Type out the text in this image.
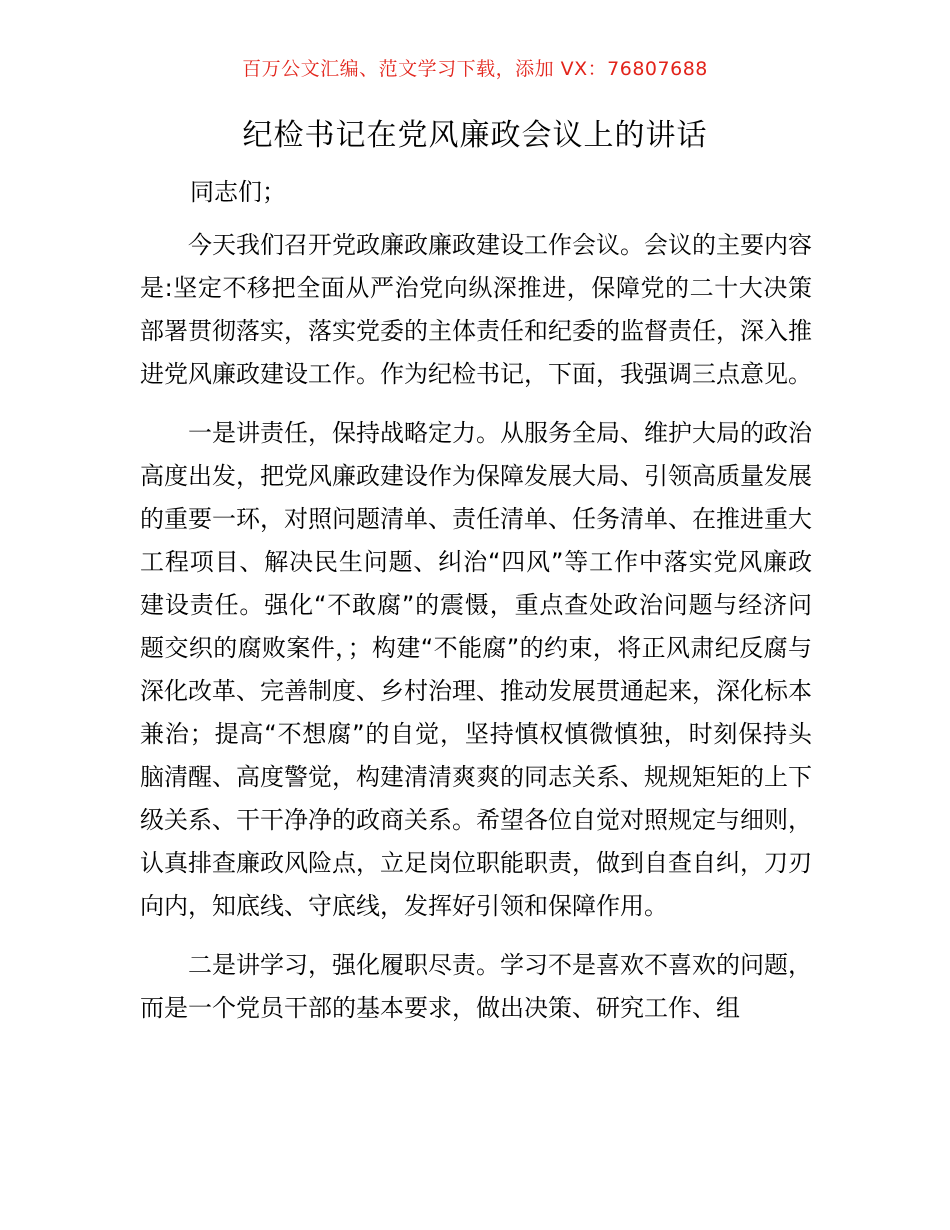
百万公文汇编、范文学习下载，添加 VX：76807688
纪检书记在党风廉政会议上的讲话
同志们；

今天我们召开党政廉政廉政建设工作会议。会议的主要内容是:坚定不移把全面从严治党向纵深推进，保障党的二十大决策部署贯彻落实，落实党委的主体责任和纪委的监督责任，深入推进党风廉政建设工作。作为纪检书记，下面，我强调三点意见。

一是讲责任，保持战略定力。从服务全局、维护大局的政治高度出发，把党风廉政建设作为保障发展大局、引领高质量发展的重要一环，对照问题清单、责任清单、任务清单、在推进重大工程项目、解决民生问题、纠治“四风”等工作中落实党风廉政建设责任。强化“不敢腐”的震慑，重点查处政治问题与经济问题交织的腐败案件，；构建“不能腐”的约束，将正风肃纪反腐与深化改革、完善制度、乡村治理、推动发展贯通起来，深化标本兼治；提高“不想腐”的自觉，坚持慎权慎微慎独，时刻保持头脑清醒、高度警觉，构建清清爽爽的同志关系、规规矩矩的上下级关系、干干净净的政商关系。希望各位自觉对照规定与细则，认真排查廉政风险点，立足岗位职能职责，做到自查自纠，刀刃向内，知底线、守底线，发挥好引领和保障作用。

二是讲学习，强化履职尽责。学习不是喜欢不喜欢的问题，而是一个党员干部的基本要求，做出决策、研究工作、组
